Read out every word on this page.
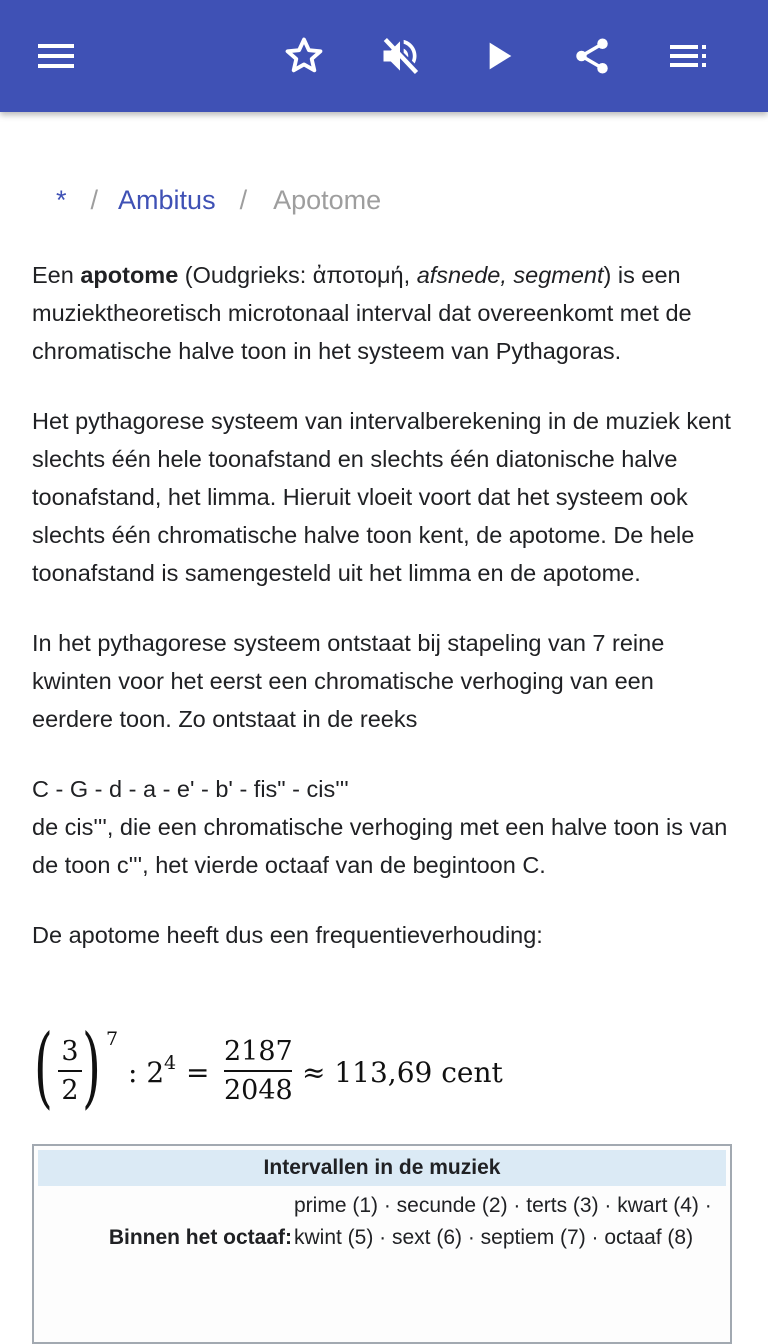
* / Ambitus / Apotome

Een apotome (Oudgrieks: ἀποτομή, afsnede, segment) is een muziektheoretisch microtonaal interval dat overeenkomt met de chromatische halve toon in het systeem van Pythagoras.

Het pythagorese systeem van intervalberekening in de muziek kent slechts één hele toonafstand en slechts één diatonische halve toonafstand, het limma. Hieruit vloeit voort dat het systeem ook slechts één chromatische halve toon kent, de apotome. De hele toonafstand is samengesteld uit het limma en de apotome.

In het pythagorese systeem ontstaat bij stapeling van 7 reine kwinten voor het eerst een chromatische verhoging van een eerdere toon. Zo ontstaat in de reeks

C - G - d - a - e' - b' - fis" - cis'''
de cis''', die een chromatische verhoging met een halve toon is van de toon c''', het vierde octaaf van de begintoon C.

De apotome heeft dus een frequentieverhouding:

( 3
2 ) 7
: 2 4 =
2187
2048
≈ 113,69 cent
Intervallen in de muziek
Binnen het octaaf:
prime (1) · secunde (2) · terts (3) · kwart (4) · kwint (5) · sext (6) · septiem (7) · octaaf (8)
